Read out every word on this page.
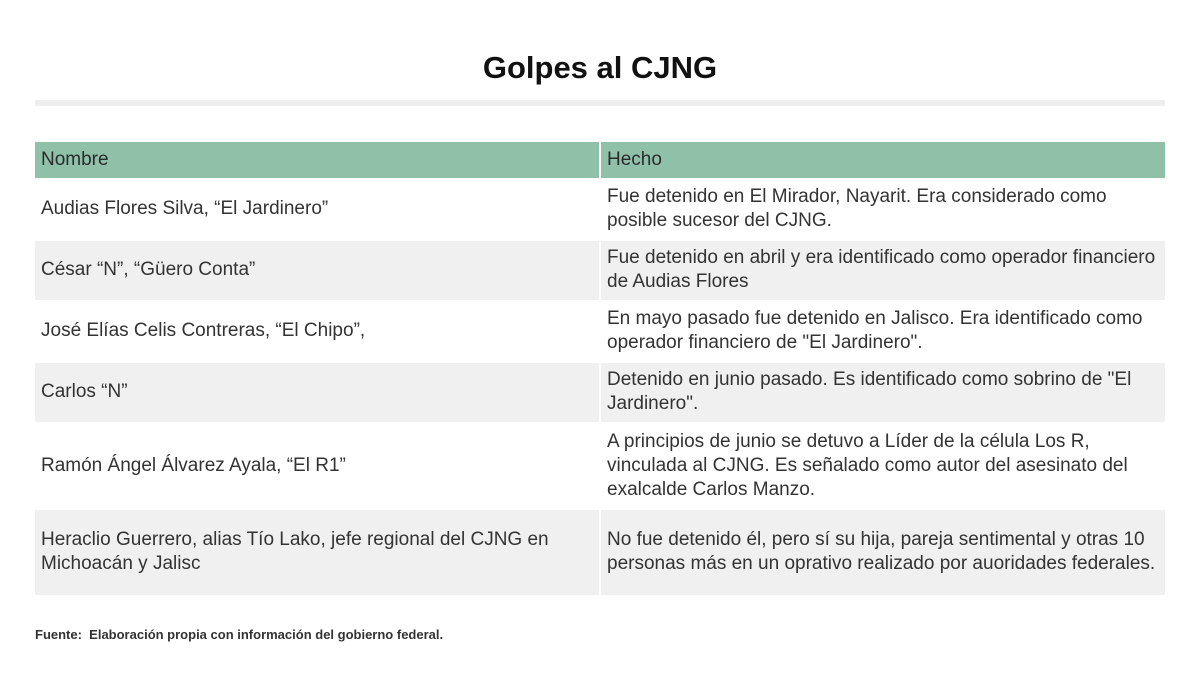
Golpes al CJNG
Nombre	Hecho
Audias Flores Silva, “El Jardinero”	Fue detenido en El Mirador, Nayarit. Era considerado como posible sucesor del CJNG.
César “N”, “Güero Conta”	Fue detenido en abril y era identificado como operador financiero de Audias Flores
José Elías Celis Contreras, “El Chipo”,	En mayo pasado fue detenido en Jalisco. Era identificado como operador financiero de "El Jardinero".
Carlos “N”	Detenido en junio pasado. Es identificado como sobrino de "El Jardinero".
Ramón Ángel Álvarez Ayala, “El R1”	A principios de junio se detuvo a Líder de la célula Los R, vinculada al CJNG. Es señalado como autor del asesinato del exalcalde Carlos Manzo.
Heraclio Guerrero, alias Tío Lako, jefe regional del CJNG en Michoacán y Jalisc	No fue detenido él, pero sí su hija, pareja sentimental y otras 10 personas más en un oprativo realizado por auoridades federales.
Fuente:  Elaboración propia con información del gobierno federal.
